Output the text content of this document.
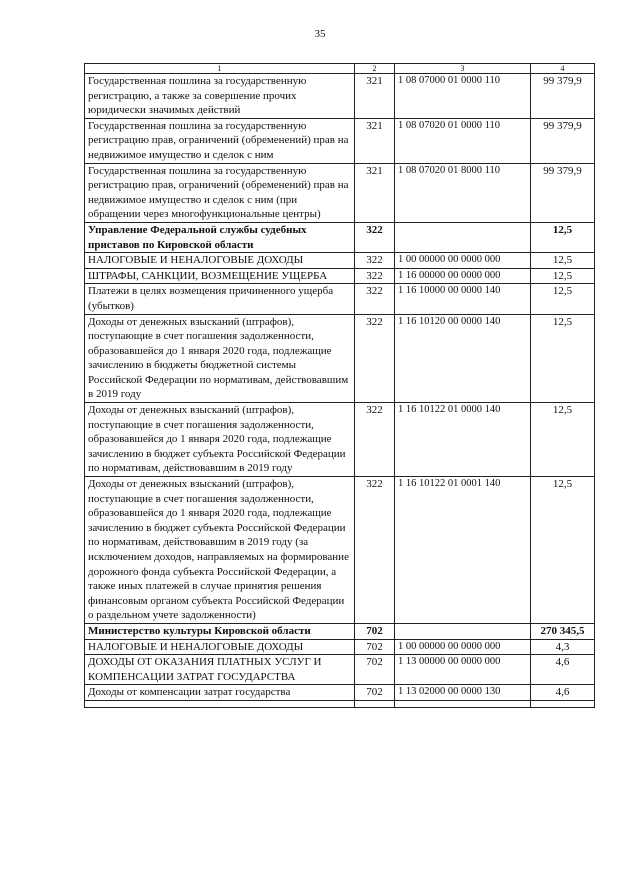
35
1	2	3	4
Государственная пошлина за государственную регистрацию, а также за совершение прочих юридически значимых действий	321	1 08 07000 01 0000 110	99 379,9
Государственная пошлина за государственную регистрацию прав, ограничений (обременений) прав на недвижимое имущество и сделок с ним	321	1 08 07020 01 0000 110	99 379,9
Государственная пошлина за государственную регистрацию прав, ограничений (обременений) прав на недвижимое имущество и сделок с ним (при обращении через многофункциональные центры)	321	1 08 07020 01 8000 110	99 379,9
Управление Федеральной службы судебных приставов по Кировской области	322		12,5
НАЛОГОВЫЕ И НЕНАЛОГОВЫЕ ДОХОДЫ	322	1 00 00000 00 0000 000	12,5
ШТРАФЫ, САНКЦИИ, ВОЗМЕЩЕНИЕ УЩЕРБА	322	1 16 00000 00 0000 000	12,5
Платежи в целях возмещения причиненного ущерба (убытков)	322	1 16 10000 00 0000 140	12,5
Доходы от денежных взысканий (штрафов), поступающие в счет погашения задолженности, образовавшейся до 1 января 2020 года, подлежащие зачислению в бюджеты бюджетной системы Российской Федерации по нормативам, действовавшим в 2019 году	322	1 16 10120 00 0000 140	12,5
Доходы от денежных взысканий (штрафов), поступающие в счет погашения задолженности, образовавшейся до 1 января 2020 года, подлежащие зачислению в бюджет субъекта Российской Федерации по нормативам, действовавшим в 2019 году	322	1 16 10122 01 0000 140	12,5
Доходы от денежных взысканий (штрафов), поступающие в счет погашения задолженности, образовавшейся до 1 января 2020 года, подлежащие зачислению в бюджет субъекта Российской Федерации по нормативам, действовавшим в 2019 году (за исключением доходов, направляемых на формирование дорожного фонда субъекта Российской Федерации, а также иных платежей в случае принятия решения финансовым органом субъекта Российской Федерации о раздельном учете задолженности)	322	1 16 10122 01 0001 140	12,5
Министерство культуры Кировской области	702		270 345,5
НАЛОГОВЫЕ И НЕНАЛОГОВЫЕ ДОХОДЫ	702	1 00 00000 00 0000 000	4,3
ДОХОДЫ ОТ ОКАЗАНИЯ ПЛАТНЫХ УСЛУГ И КОМПЕНСАЦИИ ЗАТРАТ ГОСУДАРСТВА	702	1 13 00000 00 0000 000	4,6
Доходы от компенсации затрат государства	702	1 13 02000 00 0000 130	4,6
